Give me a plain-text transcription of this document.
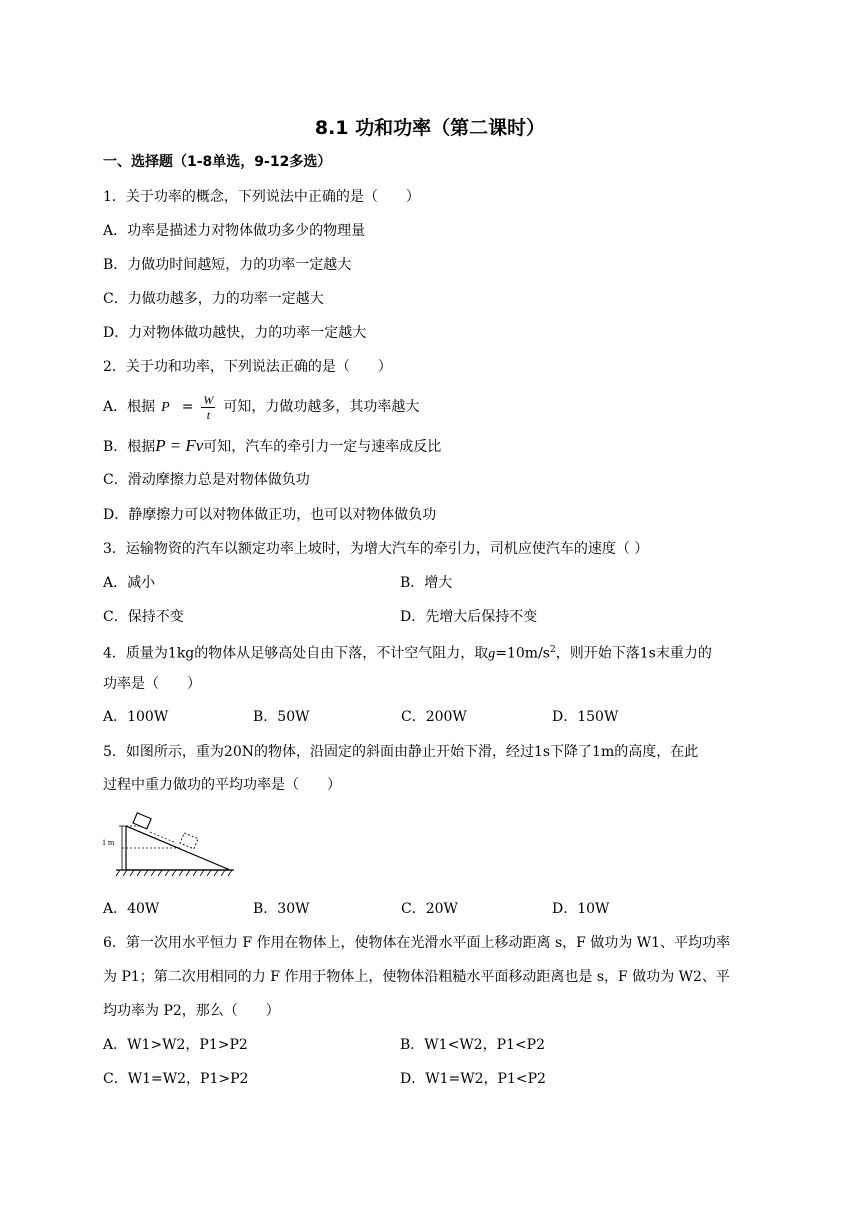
8.1 功和功率（第二课时）
一、选择题（1-8单选，9-12多选）
1．关于功率的概念，下列说法中正确的是（　　）
A．功率是描述力对物体做功多少的物理量
B．力做功时间越短，力的功率一定越大
C．力做功越多，力的功率一定越大
D．力对物体做功越快，力的功率一定越大
2．关于功和功率，下列说法正确的是（　　）
A．根据 $P = \frac{W}{t}$ 可知，力做功越多，其功率越大
B．根据P = Fv可知，汽车的牵引力一定与速率成反比
C．滑动摩擦力总是对物体做负功
D．静摩擦力可以对物体做正功，也可以对物体做负功
3．运输物资的汽车以额定功率上坡时，为增大汽车的牵引力，司机应使汽车的速度（ ）
A．减小	B．增大
C．保持不变	D．先增大后保持不变
4．质量为1kg的物体从足够高处自由下落，不计空气阻力，取$g=10m/s^2$，则开始下落1s末重力的
功率是（　　）
A．100W	B．50W	C．200W	D．150W
5．如图所示，重为20N的物体，沿固定的斜面由静止开始下滑，经过1s下降了1m的高度，在此
过程中重力做功的平均功率是（　　）
1 m
A．40W	B．30W	C．20W	D．10W
6．第一次用水平恒力 F 作用在物体上，使物体在光滑水平面上移动距离 s，F 做功为 W1、平均功率
为 P1；第二次用相同的力 F 作用于物体上，使物体沿粗糙水平面移动距离也是 s，F 做功为 W2、平
均功率为 P2，那么（　　）
A．W1>W2，P1>P2	B．W1<W2，P1<P2
C．W1=W2，P1>P2	D．W1=W2，P1<P2
